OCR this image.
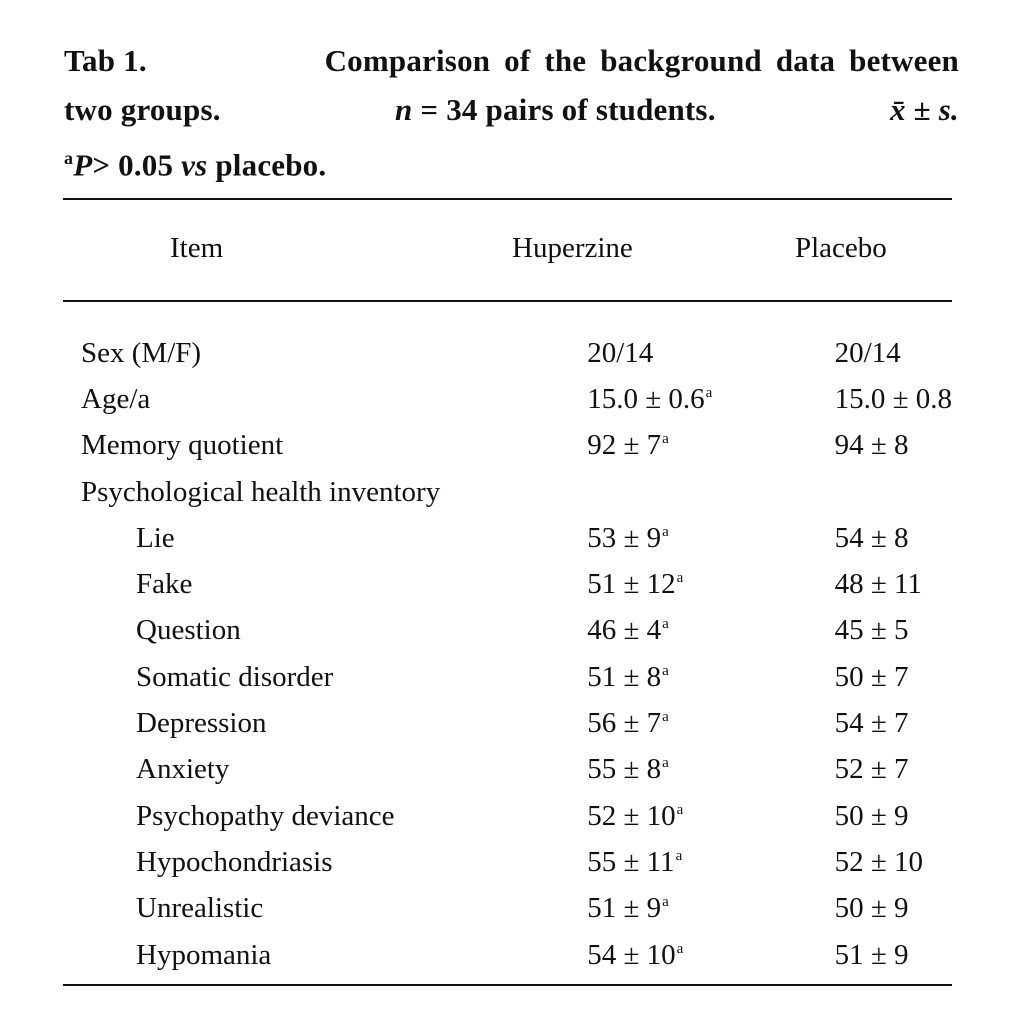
Tab 1.	Comparison of the background data between
two groups.	n = 34 pairs of students.	x̄ ± s.
$^a$P> 0.05 vs placebo.
Item	Huperzine	Placebo
Sex (M/F)	20/14	20/14
Age/a	15.0 ± 0.6$^a$	15.0 ± 0.8
Memory quotient	$92 \pm 7^a$	94 ± 8
Psychological health inventory		
Lie	$53 \pm 9^a$	54 ± 8
Fake	$51 \pm 12^a$	48 ± 11
Question	$46 \pm 4^a$	45 ± 5
Somatic disorder	$51 \pm 8^a$	50 ± 7
Depression	$56 \pm 7^a$	54 ± 7
Anxiety	$55 \pm 8^a$	52 ± 7
Psychopathy deviance	$52 \pm 10^a$	50 ± 9
Hypochondriasis	$55 \pm 11^a$	52 ± 10
Unrealistic	$51 \pm 9^a$	50 ± 9
Hypomania	$54 \pm 10^a$	51 ± 9
